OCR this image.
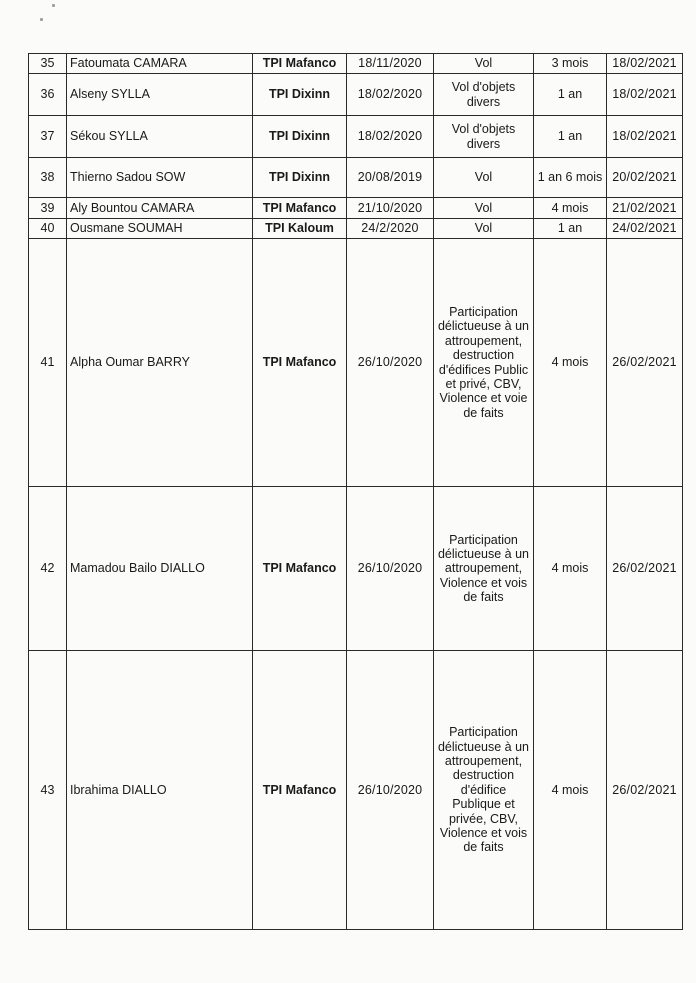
35	Fatoumata CAMARA	TPI Mafanco	18/11/2020	Vol	3 mois	18/02/2021
36	Alseny SYLLA	TPI Dixinn	18/02/2020	Vol d'objets divers	1 an	18/02/2021
37	Sékou SYLLA	TPI Dixinn	18/02/2020	Vol d'objets divers	1 an	18/02/2021
38	Thierno Sadou SOW	TPI Dixinn	20/08/2019	Vol	1 an 6 mois	20/02/2021
39	Aly Bountou CAMARA	TPI Mafanco	21/10/2020	Vol	4 mois	21/02/2021
40	Ousmane SOUMAH	TPI Kaloum	24/2/2020	Vol	1 an	24/02/2021
41	Alpha Oumar BARRY	TPI Mafanco	26/10/2020	Participation délictueuse à un attroupement, destruction d'édifices Public et privé, CBV, Violence et voie de faits	4 mois	26/02/2021
42	Mamadou Bailo DIALLO	TPI Mafanco	26/10/2020	Participation délictueuse à un attroupement, Violence et vois de faits	4 mois	26/02/2021
43	Ibrahima DIALLO	TPI Mafanco	26/10/2020	Participation délictueuse à un attroupement, destruction d'édifice Publique et privée, CBV, Violence et vois de faits	4 mois	26/02/2021
